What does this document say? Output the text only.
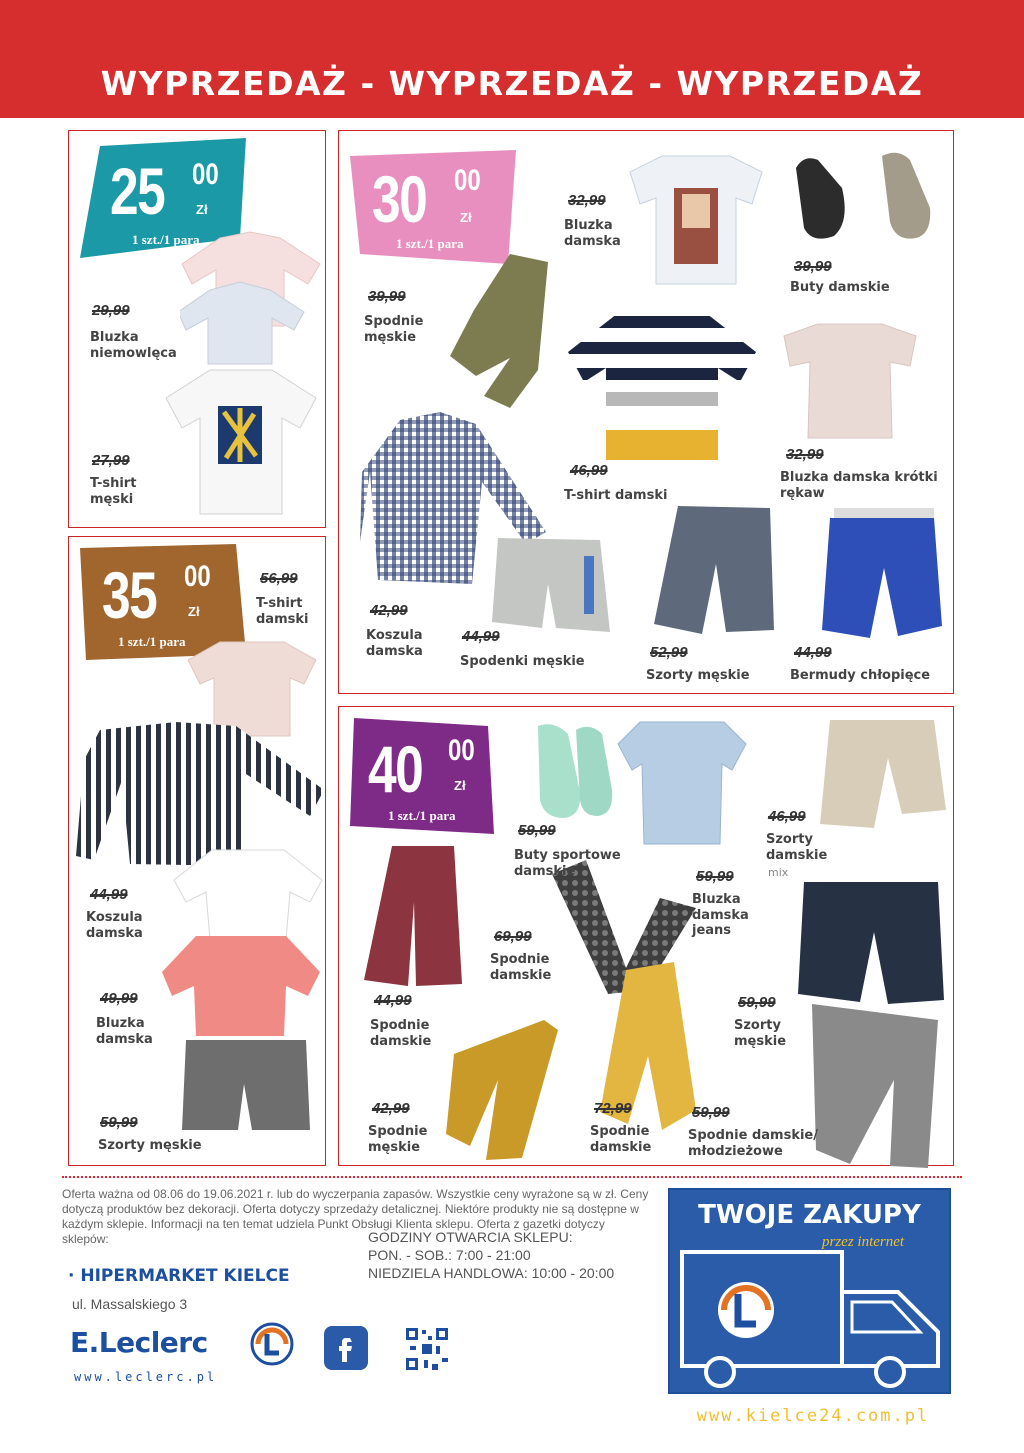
WYPRZEDAŻ - WYPRZEDAŻ - WYPRZEDAŻ
25 00
Zł
1 szt./1 para
30 00
Zł
1 szt./1 para
35 00
Zł
1 szt./1 para
40 00
Zł
1 szt./1 para
29,99
Bluzka niemowlęca
27,99
T-shirt męski
32,99
Bluzka damska
39,99
Buty damskie
39,99
Spodnie męskie
46,99
T-shirt damski
32,99
Bluzka damska krótki rękaw
42,99
Koszula damska
44,99
Spodenki męskie
52,99
Szorty męskie
44,99
Bermudy chłopięce
56,99
T-shirt damski
44,99
Koszula damska
49,99
Bluzka damska
59,99
Szorty męskie
59,99
Buty sportowe damskie
46,99
Szorty damskie
mix
59,99
Bluzka damska jeans
69,99
Spodnie damskie
44,99
Spodnie damskie
59,99
Szorty męskie
42,99
Spodnie męskie
72,99
Spodnie damskie
59,99
Spodnie damskie/ młodzieżowe
Oferta ważna od 08.06 do 19.06.2021 r. lub do wyczerpania zapasów. Wszystkie ceny wyrażone są w zł. Ceny dotyczą produktów bez dekoracji. Oferta dotyczy sprzedaży detalicznej. Niektóre produkty nie są dostępne w każdym sklepie. Informacji na ten temat udziela Punkt Obsługi Klienta sklepu. Oferta z gazetki dotyczy sklepów:
· HIPERMARKET KIELCE
ul. Massalskiego 3
GODZINY OTWARCIA SKLEPU:
PON. - SOB.: 7:00 - 21:00
NIEDZIELA HANDLOWA: 10:00 - 20:00
E.Leclerc
www.leclerc.pl
TWOJE ZAKUPY
przez internet
www.kielce24.com.pl
